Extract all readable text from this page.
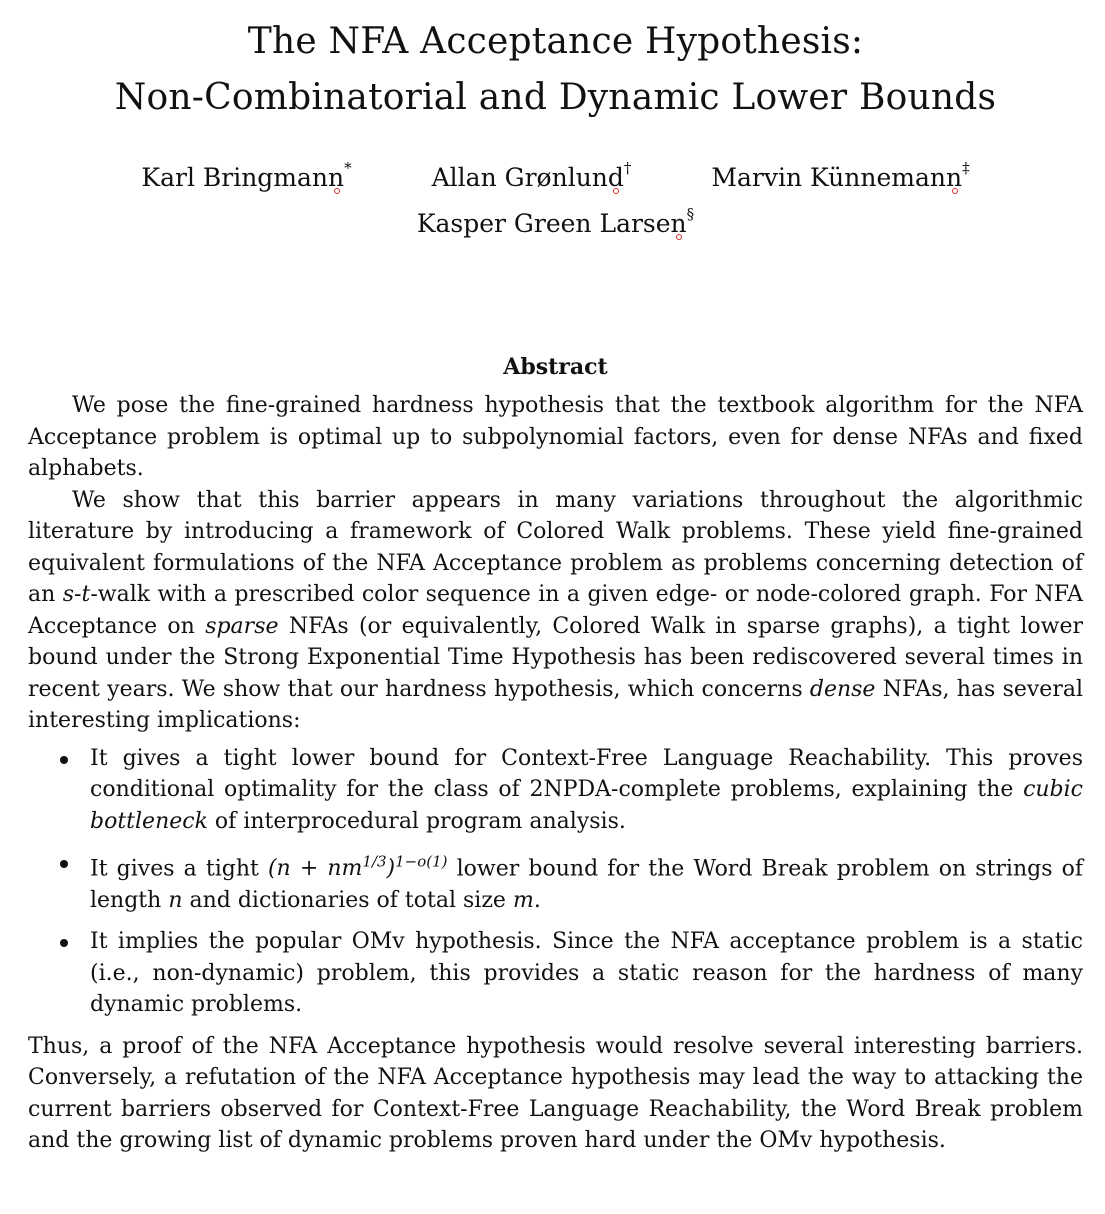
The NFA Acceptance Hypothesis:
Non-Combinatorial and Dynamic Lower Bounds
Karl Bringmann*	Allan Grønlund†	Marvin Künnemann‡
Kasper Green Larsen§
Abstract

We pose the fine-grained hardness hypothesis that the textbook algorithm for the NFA Acceptance problem is optimal up to subpolynomial factors, even for dense NFAs and fixed alphabets.

We show that this barrier appears in many variations throughout the algorithmic literature by introducing a framework of Colored Walk problems. These yield fine-grained equivalent formulations of the NFA Acceptance problem as problems concerning detection of an s-t-walk with a prescribed color sequence in a given edge- or node-colored graph. For NFA Acceptance on sparse NFAs (or equivalently, Colored Walk in sparse graphs), a tight lower bound under the Strong Exponential Time Hypothesis has been rediscovered several times in recent years. We show that our hardness hypothesis, which concerns dense NFAs, has several interesting implications:

It gives a tight lower bound for Context-Free Language Reachability. This proves conditional optimality for the class of 2NPDA-complete problems, explaining the cubic bottleneck of interprocedural program analysis.
It gives a tight $(n + nm^{1/3})^{1-o(1)}$ lower bound for the Word Break problem on strings of length n and dictionaries of total size m.
It implies the popular OMv hypothesis. Since the NFA acceptance problem is a static (i.e., non-dynamic) problem, this provides a static reason for the hardness of many dynamic problems.
Thus, a proof of the NFA Acceptance hypothesis would resolve several interesting barriers. Conversely, a refutation of the NFA Acceptance hypothesis may lead the way to attacking the current barriers observed for Context-Free Language Reachability, the Word Break problem and the growing list of dynamic problems proven hard under the OMv hypothesis.
